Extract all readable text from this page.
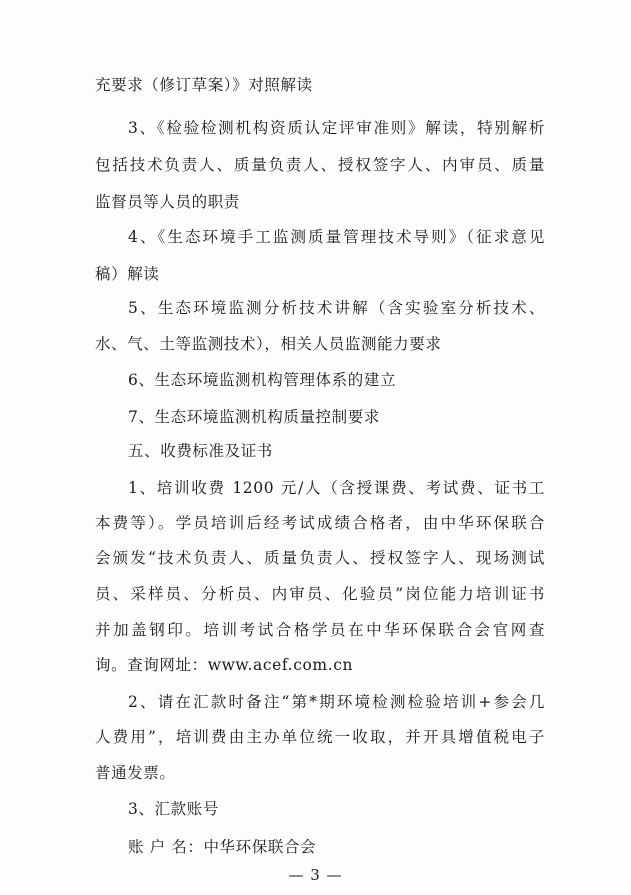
充要求（修订草案）》对照解读
3、《检验检测机构资质认定评审准则》解读，特别解析
包括技术负责人、质量负责人、授权签字人、内审员、质量
监督员等人员的职责
4、《生态环境手工监测质量管理技术导则》（征求意见
稿）解读
5、生态环境监测分析技术讲解（含实验室分析技术、
水、气、土等监测技术），相关人员监测能力要求
6、生态环境监测机构管理体系的建立
7、生态环境监测机构质量控制要求
五、收费标准及证书
1、培训收费 1200 元/人（含授课费、考试费、证书工
本费等）。学员培训后经考试成绩合格者，由中华环保联合
会颁发“技术负责人、质量负责人、授权签字人、现场测试
员、采样员、分析员、内审员、化验员”岗位能力培训证书
并加盖钢印。培训考试合格学员在中华环保联合会官网查
询。查询网址：www.acef.com.cn
2、请在汇款时备注“第*期环境检测检验培训+参会几
人费用”，培训费由主办单位统一收取，并开具增值税电子
普通发票。
3、汇款账号
账 户 名：中华环保联合会
— 3 —
